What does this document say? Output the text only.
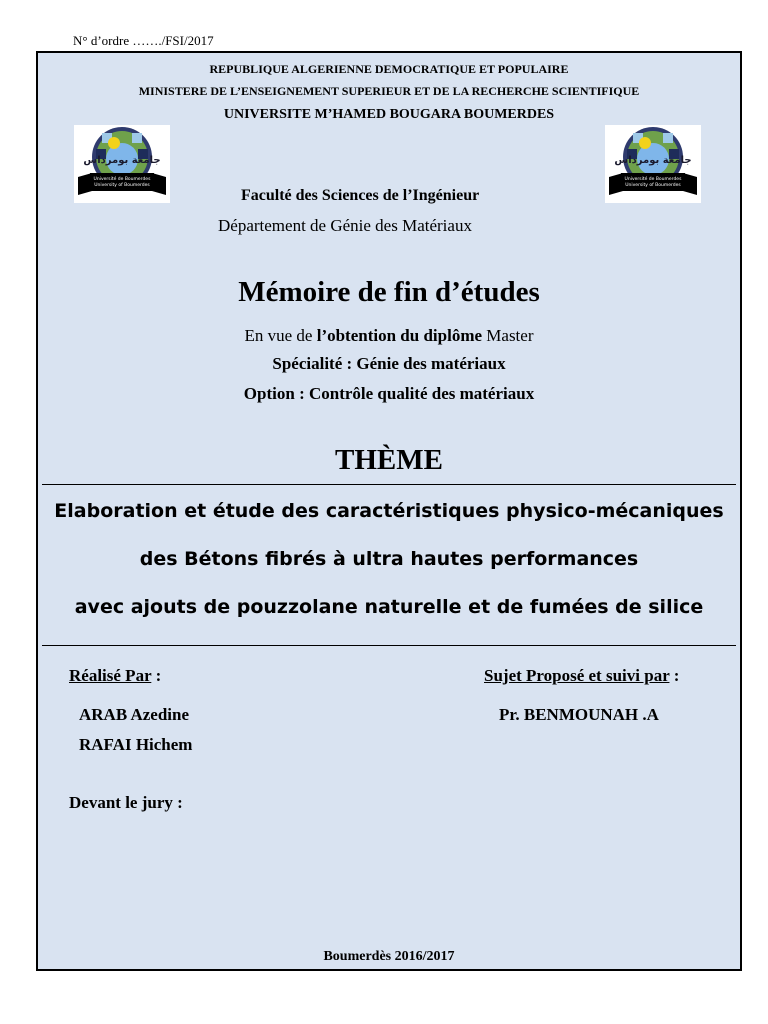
N° d’ordre ……./FSI/2017
REPUBLIQUE ALGERIENNE DEMOCRATIQUE ET POPULAIRE
MINISTERE DE L’ENSEIGNEMENT SUPERIEUR ET DE LA RECHERCHE SCIENTIFIQUE
UNIVERSITE M’HAMED BOUGARA BOUMERDES
جامعة بومرداس
Université de Boumerdes
University of Boumerdes
جامعة بومرداس
Université de Boumerdes
University of Boumerdes
Faculté des Sciences de l’Ingénieur
Département de Génie des Matériaux
Mémoire de fin d’études
En vue de l’obtention du diplôme Master
Spécialité : Génie des matériaux
Option : Contrôle qualité des matériaux
THÈME
Elaboration et étude des caractéristiques physico-mécaniques
des Bétons fibrés à ultra hautes performances
avec ajouts de pouzzolane naturelle et de fumées de silice
Réalisé Par :
ARAB Azedine
RAFAI Hichem
Sujet Proposé et suivi par :
Pr. BENMOUNAH .A
Devant le jury :
Boumerdès 2016/2017
